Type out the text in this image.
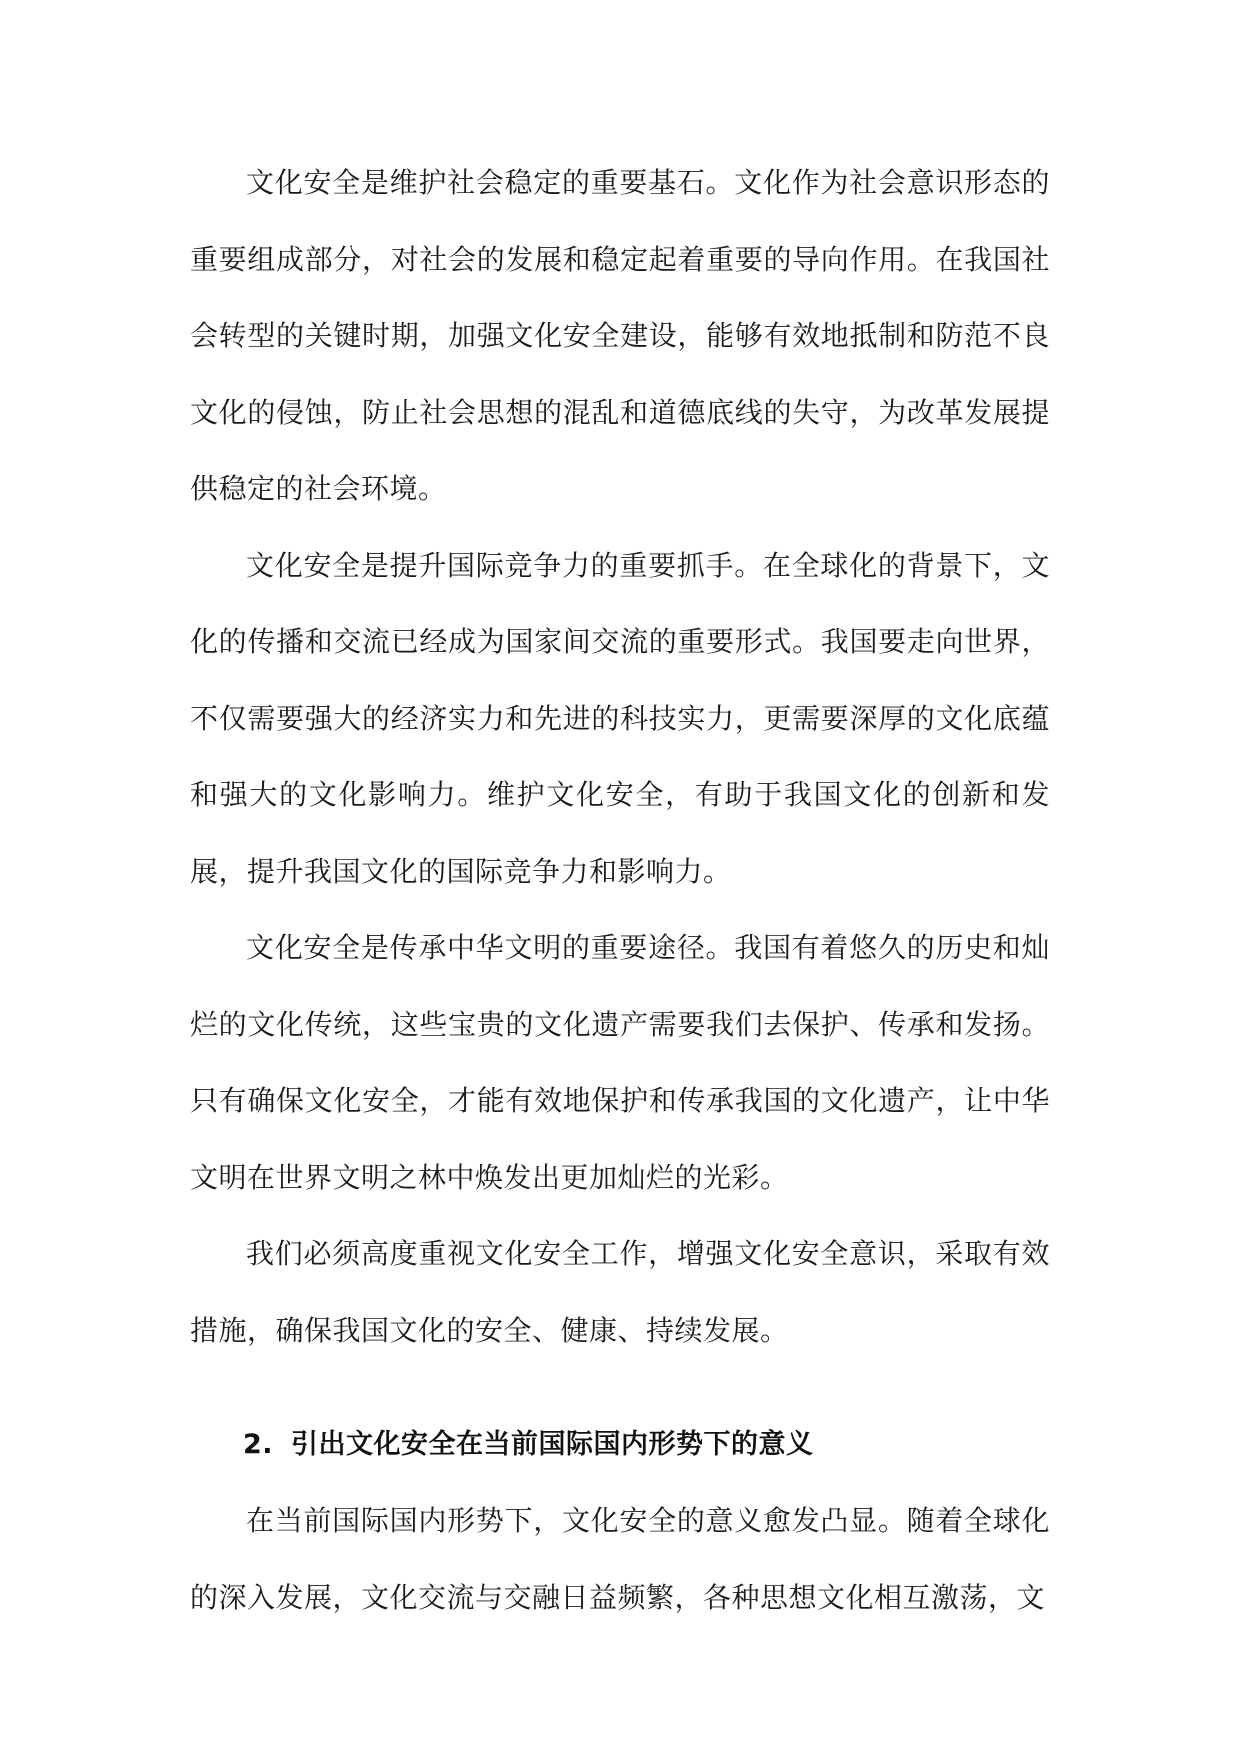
文化安全是维护社会稳定的重要基石。文化作为社会意识形态的重要组成部分，对社会的发展和稳定起着重要的导向作用。在我国社会转型的关键时期，加强文化安全建设，能够有效地抵制和防范不良文化的侵蚀，防止社会思想的混乱和道德底线的失守，为改革发展提供稳定的社会环境。

文化安全是提升国际竞争力的重要抓手。在全球化的背景下，文化的传播和交流已经成为国家间交流的重要形式。我国要走向世界，不仅需要强大的经济实力和先进的科技实力，更需要深厚的文化底蕴和强大的文化影响力。维护文化安全，有助于我国文化的创新和发展，提升我国文化的国际竞争力和影响力。

文化安全是传承中华文明的重要途径。我国有着悠久的历史和灿烂的文化传统，这些宝贵的文化遗产需要我们去保护、传承和发扬。只有确保文化安全，才能有效地保护和传承我国的文化遗产，让中华文明在世界文明之林中焕发出更加灿烂的光彩。

我们必须高度重视文化安全工作，增强文化安全意识，采取有效措施，确保我国文化的安全、健康、持续发展。

2. 引出文化安全在当前国际国内形势下的意义

在当前国际国内形势下，文化安全的意义愈发凸显。随着全球化的深入发展，文化交流与交融日益频繁，各种思想文化相互激荡，文
